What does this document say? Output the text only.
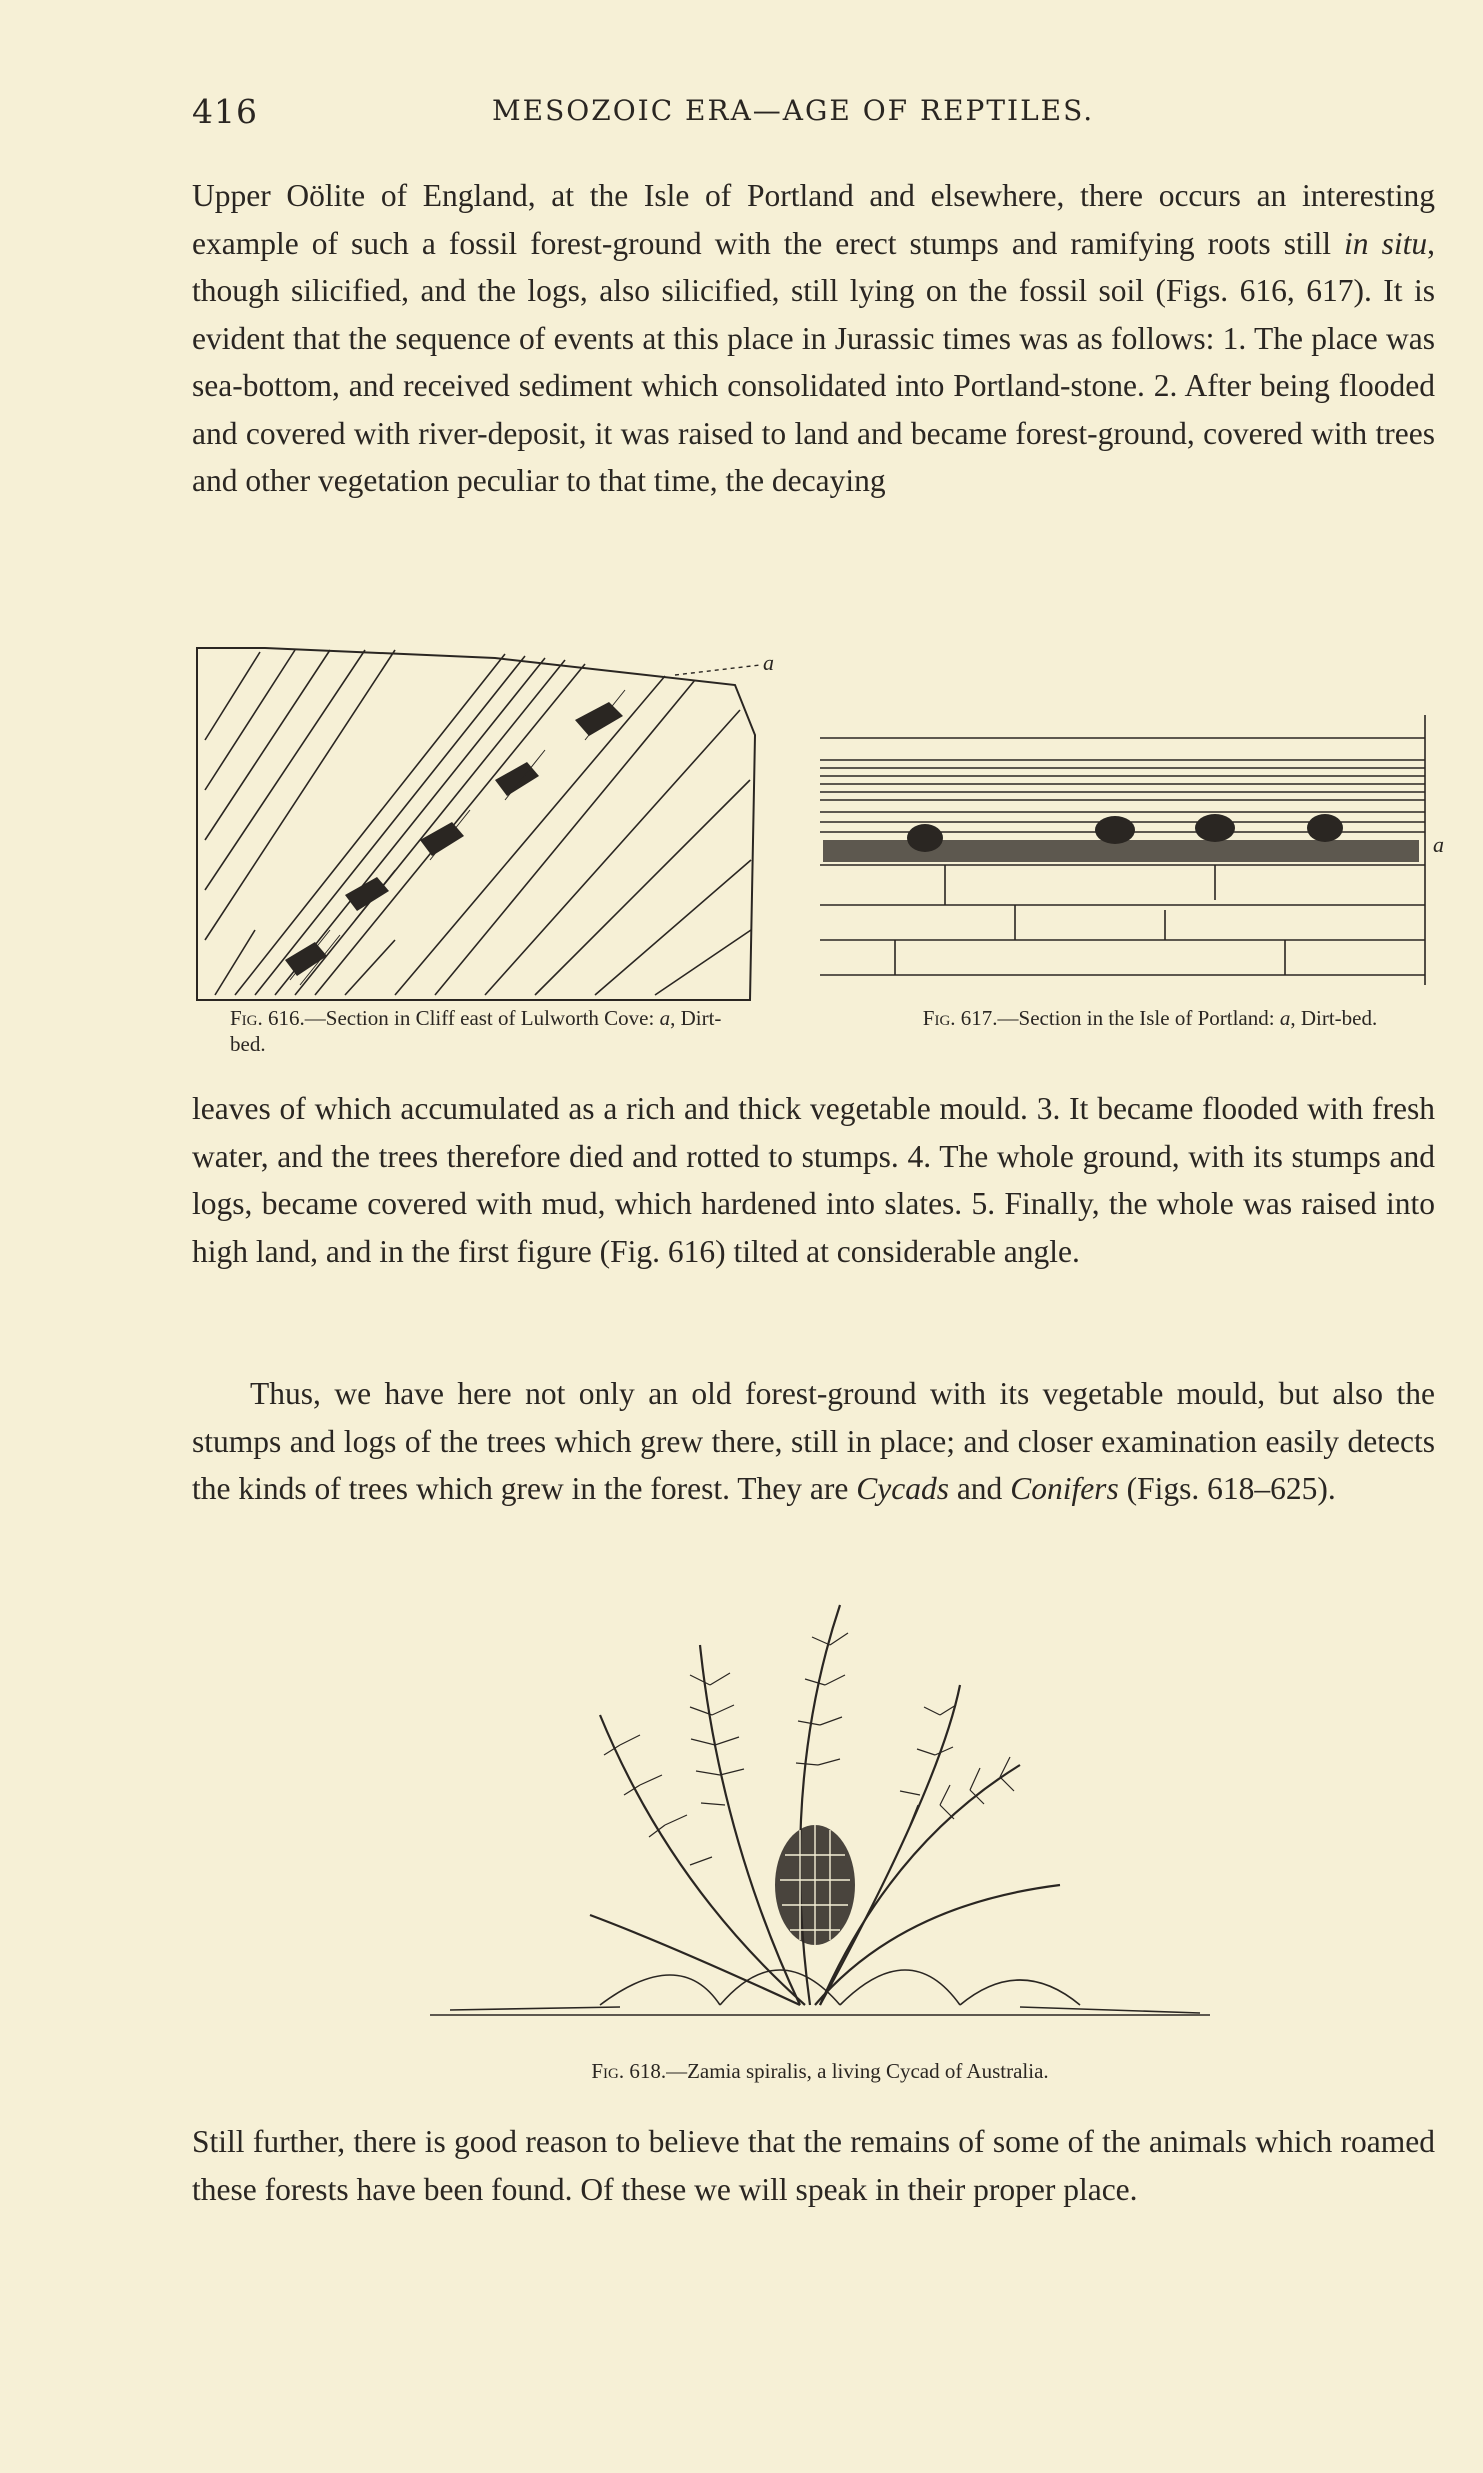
416	MESOZOIC ERA—AGE OF REPTILES.

Upper Oölite of England, at the Isle of Portland and elsewhere, there occurs an interesting example of such a fossil forest-ground with the erect stumps and ramifying roots still in situ, though silicified, and the logs, also silicified, still lying on the fossil soil (Figs. 616, 617). It is evident that the sequence of events at this place in Jurassic times was as follows: 1. The place was sea-bottom, and received sediment which consolidated into Portland-stone. 2. After being flooded and covered with river-deposit, it was raised to land and became forest-ground, covered with trees and other vegetation peculiar to that time, the decaying

a
Fig. 616.—Section in Cliff east of Lulworth Cove: a, Dirt-bed.
a
Fig. 617.—Section in the Isle of Portland: a, Dirt-bed.

leaves of which accumulated as a rich and thick vegetable mould. 3. It became flooded with fresh water, and the trees therefore died and rotted to stumps. 4. The whole ground, with its stumps and logs, became covered with mud, which hardened into slates. 5. Finally, the whole was raised into high land, and in the first figure (Fig. 616) tilted at considerable angle.

Thus, we have here not only an old forest-ground with its vegetable mould, but also the stumps and logs of the trees which grew there, still in place; and closer examination easily detects the kinds of trees which grew in the forest. They are Cycads and Conifers (Figs. 618–625).

Fig. 618.—Zamia spiralis, a living Cycad of Australia.

Still further, there is good reason to believe that the remains of some of the animals which roamed these forests have been found. Of these we will speak in their proper place.
